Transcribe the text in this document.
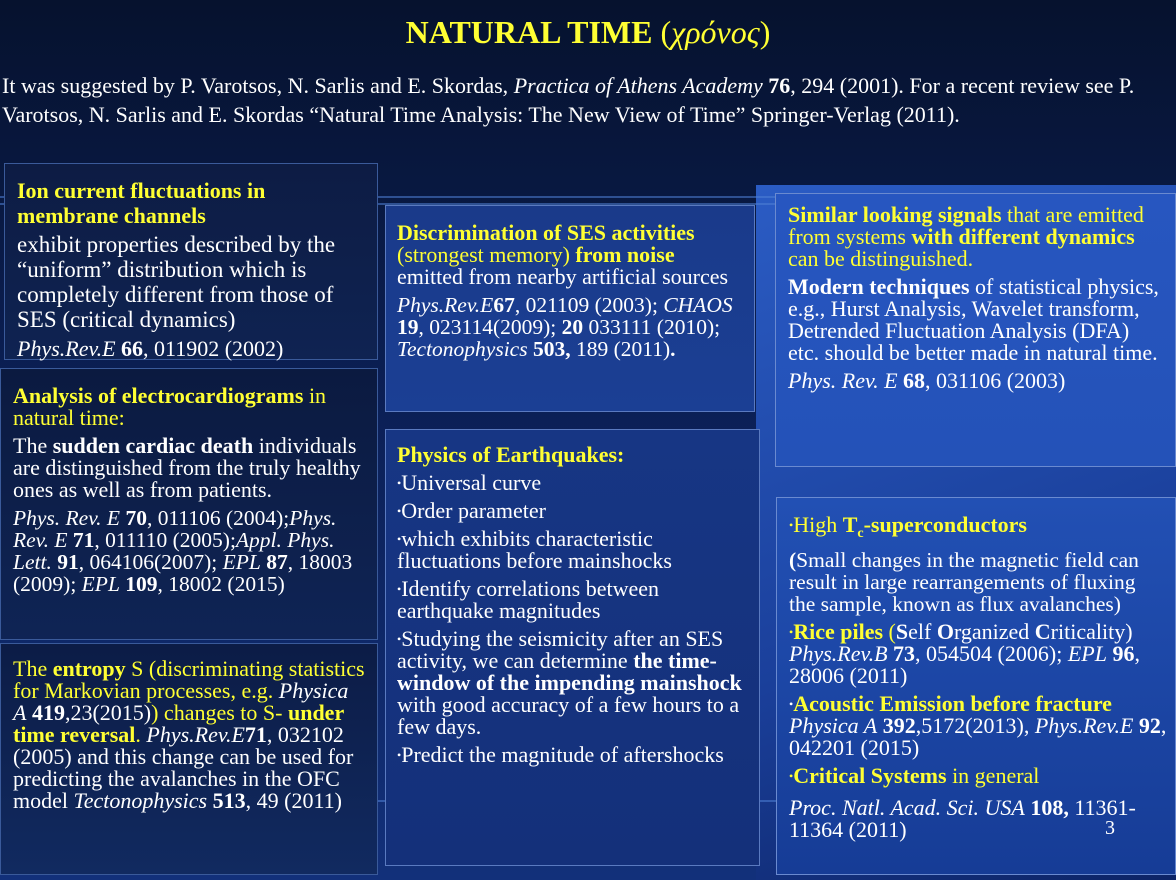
NATURAL TIME (χρόνος)
It was suggested by P. Varotsos, N. Sarlis and E. Skordas, Practica of Athens Academy 76, 294 (2001). For a recent review see P. Varotsos, N. Sarlis and E. Skordas “Natural Time Analysis: The New View of Time” Springer-Verlag (2011).

Ion current fluctuations in membrane channels

exhibit properties described by the “uniform” distribution which is completely different from those of SES (critical dynamics)

Phys.Rev.E 66, 011902 (2002)

Analysis of electrocardiograms in natural time:

The sudden cardiac death individuals are distinguished from the truly healthy ones as well as from patients.

Phys. Rev. E 70, 011106 (2004);Phys. Rev. E 71, 011110 (2005);Appl. Phys. Lett. 91, 064106(2007); EPL 87, 18003 (2009); EPL 109, 18002 (2015)

The entropy S (discriminating statistics for Markovian processes, e.g. Physica A 419,23(2015)) changes to S- under time reversal. Phys.Rev.E71, 032102 (2005) and this change can be used for predicting the avalanches in the OFC model Tectonophysics 513, 49 (2011)

Discrimination of SES activities (strongest memory) from noise emitted from nearby artificial sources

Phys.Rev.E67, 021109 (2003); CHAOS 19, 023114(2009); 20 033111 (2010); Tectonophysics 503, 189 (2011).

Physics of Earthquakes:

•Universal curve

•Order parameter

•which exhibits characteristic fluctuations before mainshocks

•Identify correlations between earthquake magnitudes

•Studying the seismicity after an SES activity, we can determine the time-window of the impending mainshock with good accuracy of a few hours to a few days.

•Predict the magnitude of aftershocks

Similar looking signals that are emitted from systems with different dynamics can be distinguished.

Modern techniques of statistical physics, e.g., Hurst Analysis, Wavelet transform, Detrended Fluctuation Analysis (DFA) etc. should be better made in natural time.

Phys. Rev. E 68, 031106 (2003)

•High $T_c$-superconductors

(Small changes in the magnetic field can result in large rearrangements of fluxing the sample, known as flux avalanches)

•Rice piles (Self Organized Criticality) Phys.Rev.B 73, 054504 (2006); EPL 96, 28006 (2011)

•Acoustic Emission before fracture Physica A 392,5172(2013), Phys.Rev.E 92, 042201 (2015)

•Critical Systems in general

Proc. Natl. Acad. Sci. USA 108, 11361-11364 (2011)	3
